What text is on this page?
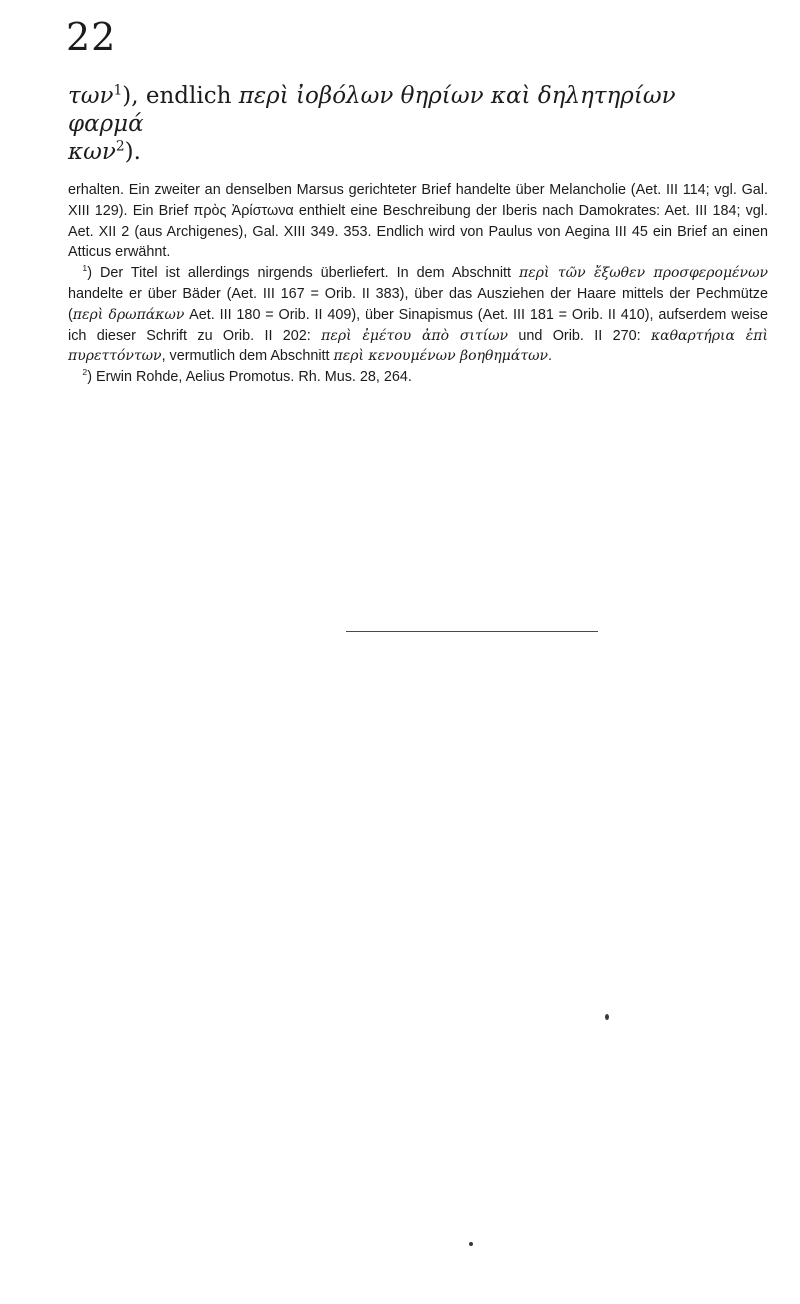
22
των$^1$), endlich περὶ ἰοβόλων θηρίων καὶ δηλητηρίων φαρμά
κων$^2$).

erhalten. Ein zweiter an denselben Marsus gerichteter Brief handelte über Melancholie (Aet. III 114; vgl. Gal. XIII 129). Ein Brief πρὸς Ἀρίστωνα enthielt eine Beschreibung der Iberis nach Damokrates: Aet. III 184; vgl. Aet. XII 2 (aus Archigenes), Gal. XIII 349. 353. Endlich wird von Paulus von Aegina III 45 ein Brief an einen Atticus erwähnt.

 $^1$) Der Titel ist allerdings nirgends überliefert. In dem Abschnitt περὶ τῶν ἔξωθεν προσφερομένων handelte er über Bäder (Aet. III 167 = Orib. II 383), über das Ausziehen der Haare mittels der Pechmütze (περὶ δρωπάκων Aet. III 180 = Orib. II 409), über Sinapismus (Aet. III 181 = Orib. II 410), aufserdem weise ich dieser Schrift zu Orib. II 202: περὶ ἐμέτου ἀπὸ σιτίων und Orib. II 270: καθαρτήρια ἐπὶ πυρεττόντων, vermutlich dem Abschnitt περὶ κενουμένων βοηθημάτων.

 $^2$) Erwin Rohde, Aelius Promotus. Rh. Mus. 28, 264.
